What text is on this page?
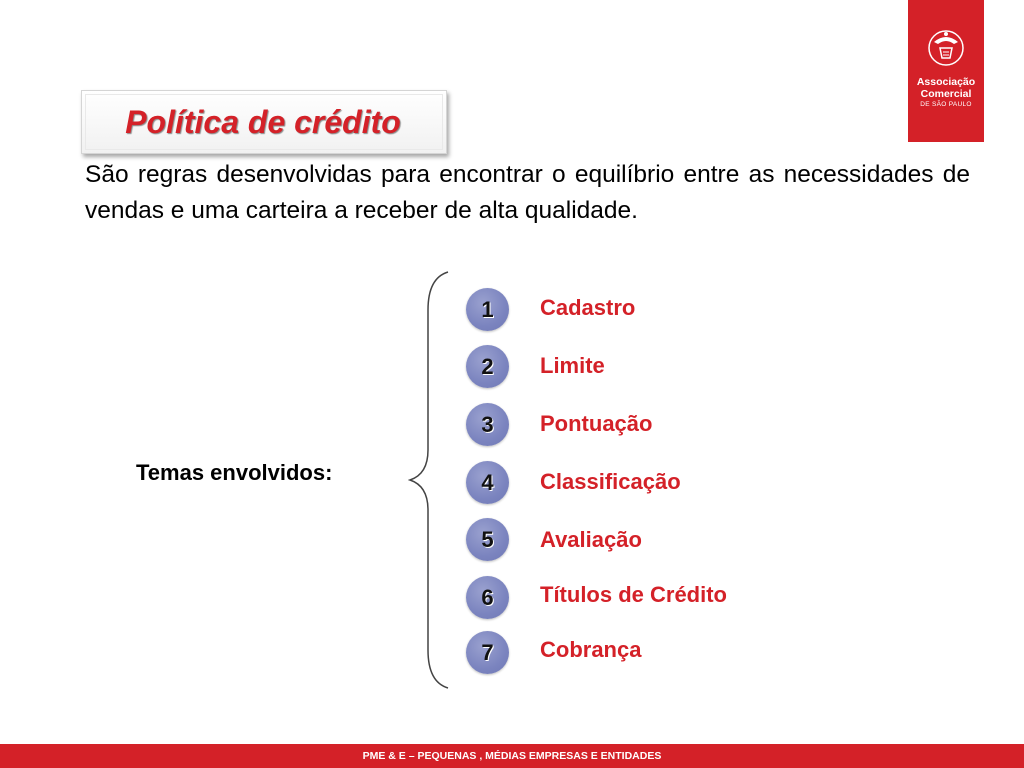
Associação
Comercial
DE SÃO PAULO
Política de crédito
São regras desenvolvidas para encontrar o equilíbrio entre as necessidades de vendas e uma carteira a receber de alta qualidade.
Temas envolvidos:
1
2
3
4
5
6
7
Cadastro
Limite
Pontuação
Classificação
Avaliação
Títulos de Crédito
Cobrança
PME & E – PEQUENAS , MÉDIAS EMPRESAS E ENTIDADES
